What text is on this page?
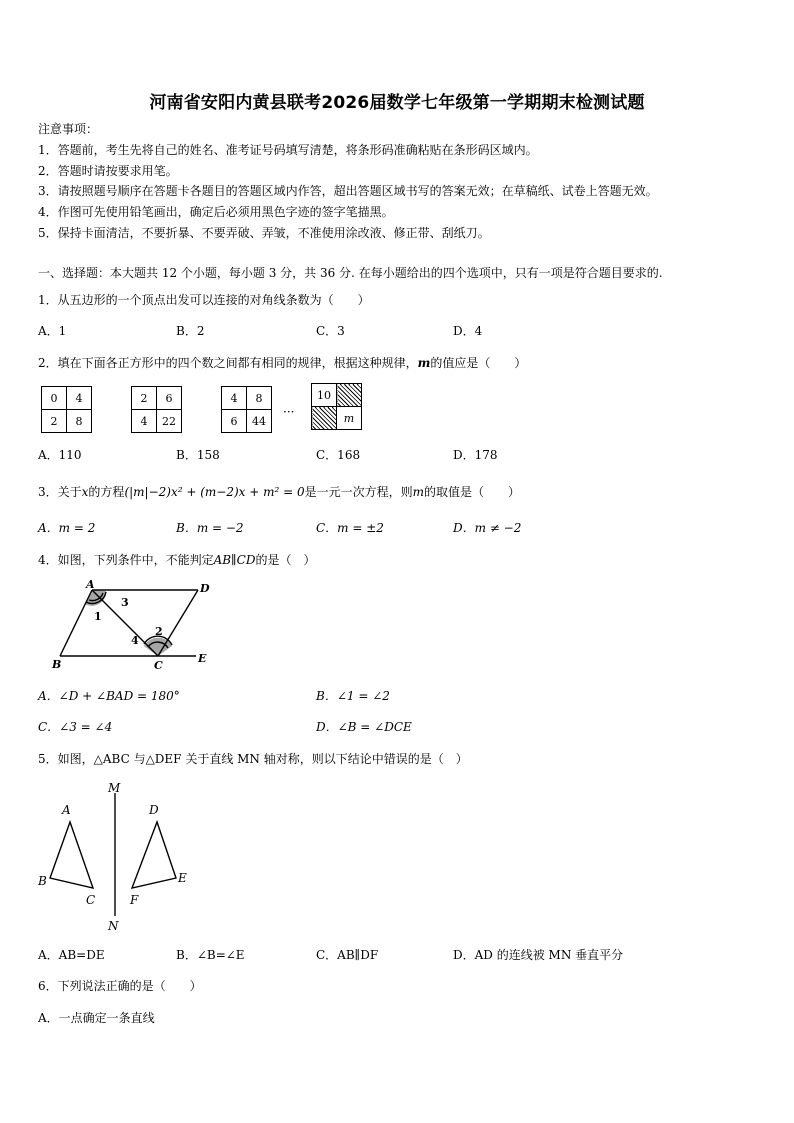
河南省安阳内黄县联考2026届数学七年级第一学期期末检测试题
注意事项：
1．答题前，考生先将自己的姓名、准考证号码填写清楚，将条形码准确粘贴在条形码区域内。
2．答题时请按要求用笔。
3．请按照题号顺序在答题卡各题目的答题区域内作答，超出答题区域书写的答案无效；在草稿纸、试卷上答题无效。
4．作图可先使用铅笔画出，确定后必须用黑色字迹的签字笔描黑。
5．保持卡面清洁，不要折暴、不要弄破、弄皱，不准使用涂改液、修正带、刮纸刀。
一、选择题：本大题共 12 个小题，每小题 3 分，共 36 分. 在每小题给出的四个选项中，只有一项是符合题目要求的.
1．从五边形的一个顶点出发可以连接的对角线条数为（　　）
A．1	B．2	C．3	D．4
2．填在下面各正方形中的四个数之间都有相同的规律，根据这种规律，m的值应是（　　）
0	4
2	8
2	6
4	22
4	8
6	44
···
10	
	m
A．110	B．158	C．168	D．178
3．关于x的方程(|m|−2)x² + (m−2)x + m² = 0是一元一次方程，则m的取值是（　　）
A．m = 2	B．m = −2	C．m = ±2	D．m ≠ −2
4．如图，下列条件中，不能判定AB∥CD的是（　）
A	D
B	C
E
1
2
3
4
A．∠D + ∠BAD = 180°	B．∠1 = ∠2
C．∠3 = ∠4	D．∠B = ∠DCE
5．如图，△ABC 与△DEF 关于直线 MN 轴对称，则以下结论中错误的是（　）
M
N
A
B
C
D
E
F
A．AB=DE	B．∠B=∠E	C．AB∥DF	D．AD 的连线被 MN 垂直平分
6．下列说法正确的是（　　）
A．一点确定一条直线
